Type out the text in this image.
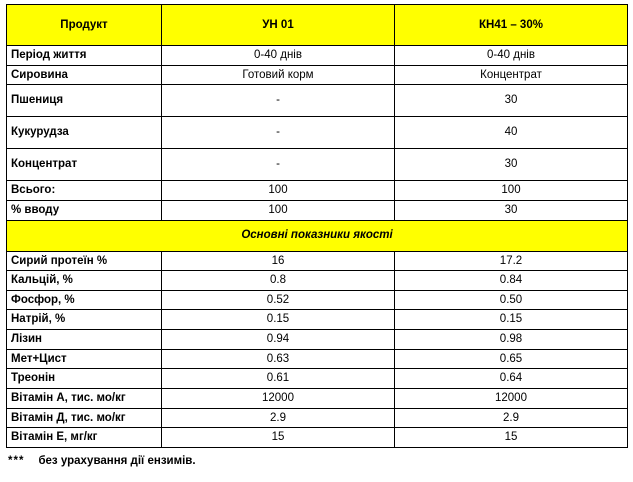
Продукт	УН 01	КН41 – 30%
Період життя	0-40 днів	0-40 днів
Сировина	Готовий корм	Концентрат
Пшениця	-	30
Кукурудза	-	40
Концентрат	-	30
Всього:	100	100
% вводу	100	30
Основні показники якості		
Сирий протеїн %	16	17.2
Кальцій, %	0.8	0.84
Фосфор, %	0.52	0.50
Натрій, %	0.15	0.15
Лізин	0.94	0.98
Мет+Цист	0.63	0.65
Треонін	0.61	0.64
Вітамін А, тис. мо/кг	12000	12000
Вітамін Д, тис. мо/кг	2.9	2.9
Вітамін Е, мг/кг	15	15
*** без урахування дії ензимів.
